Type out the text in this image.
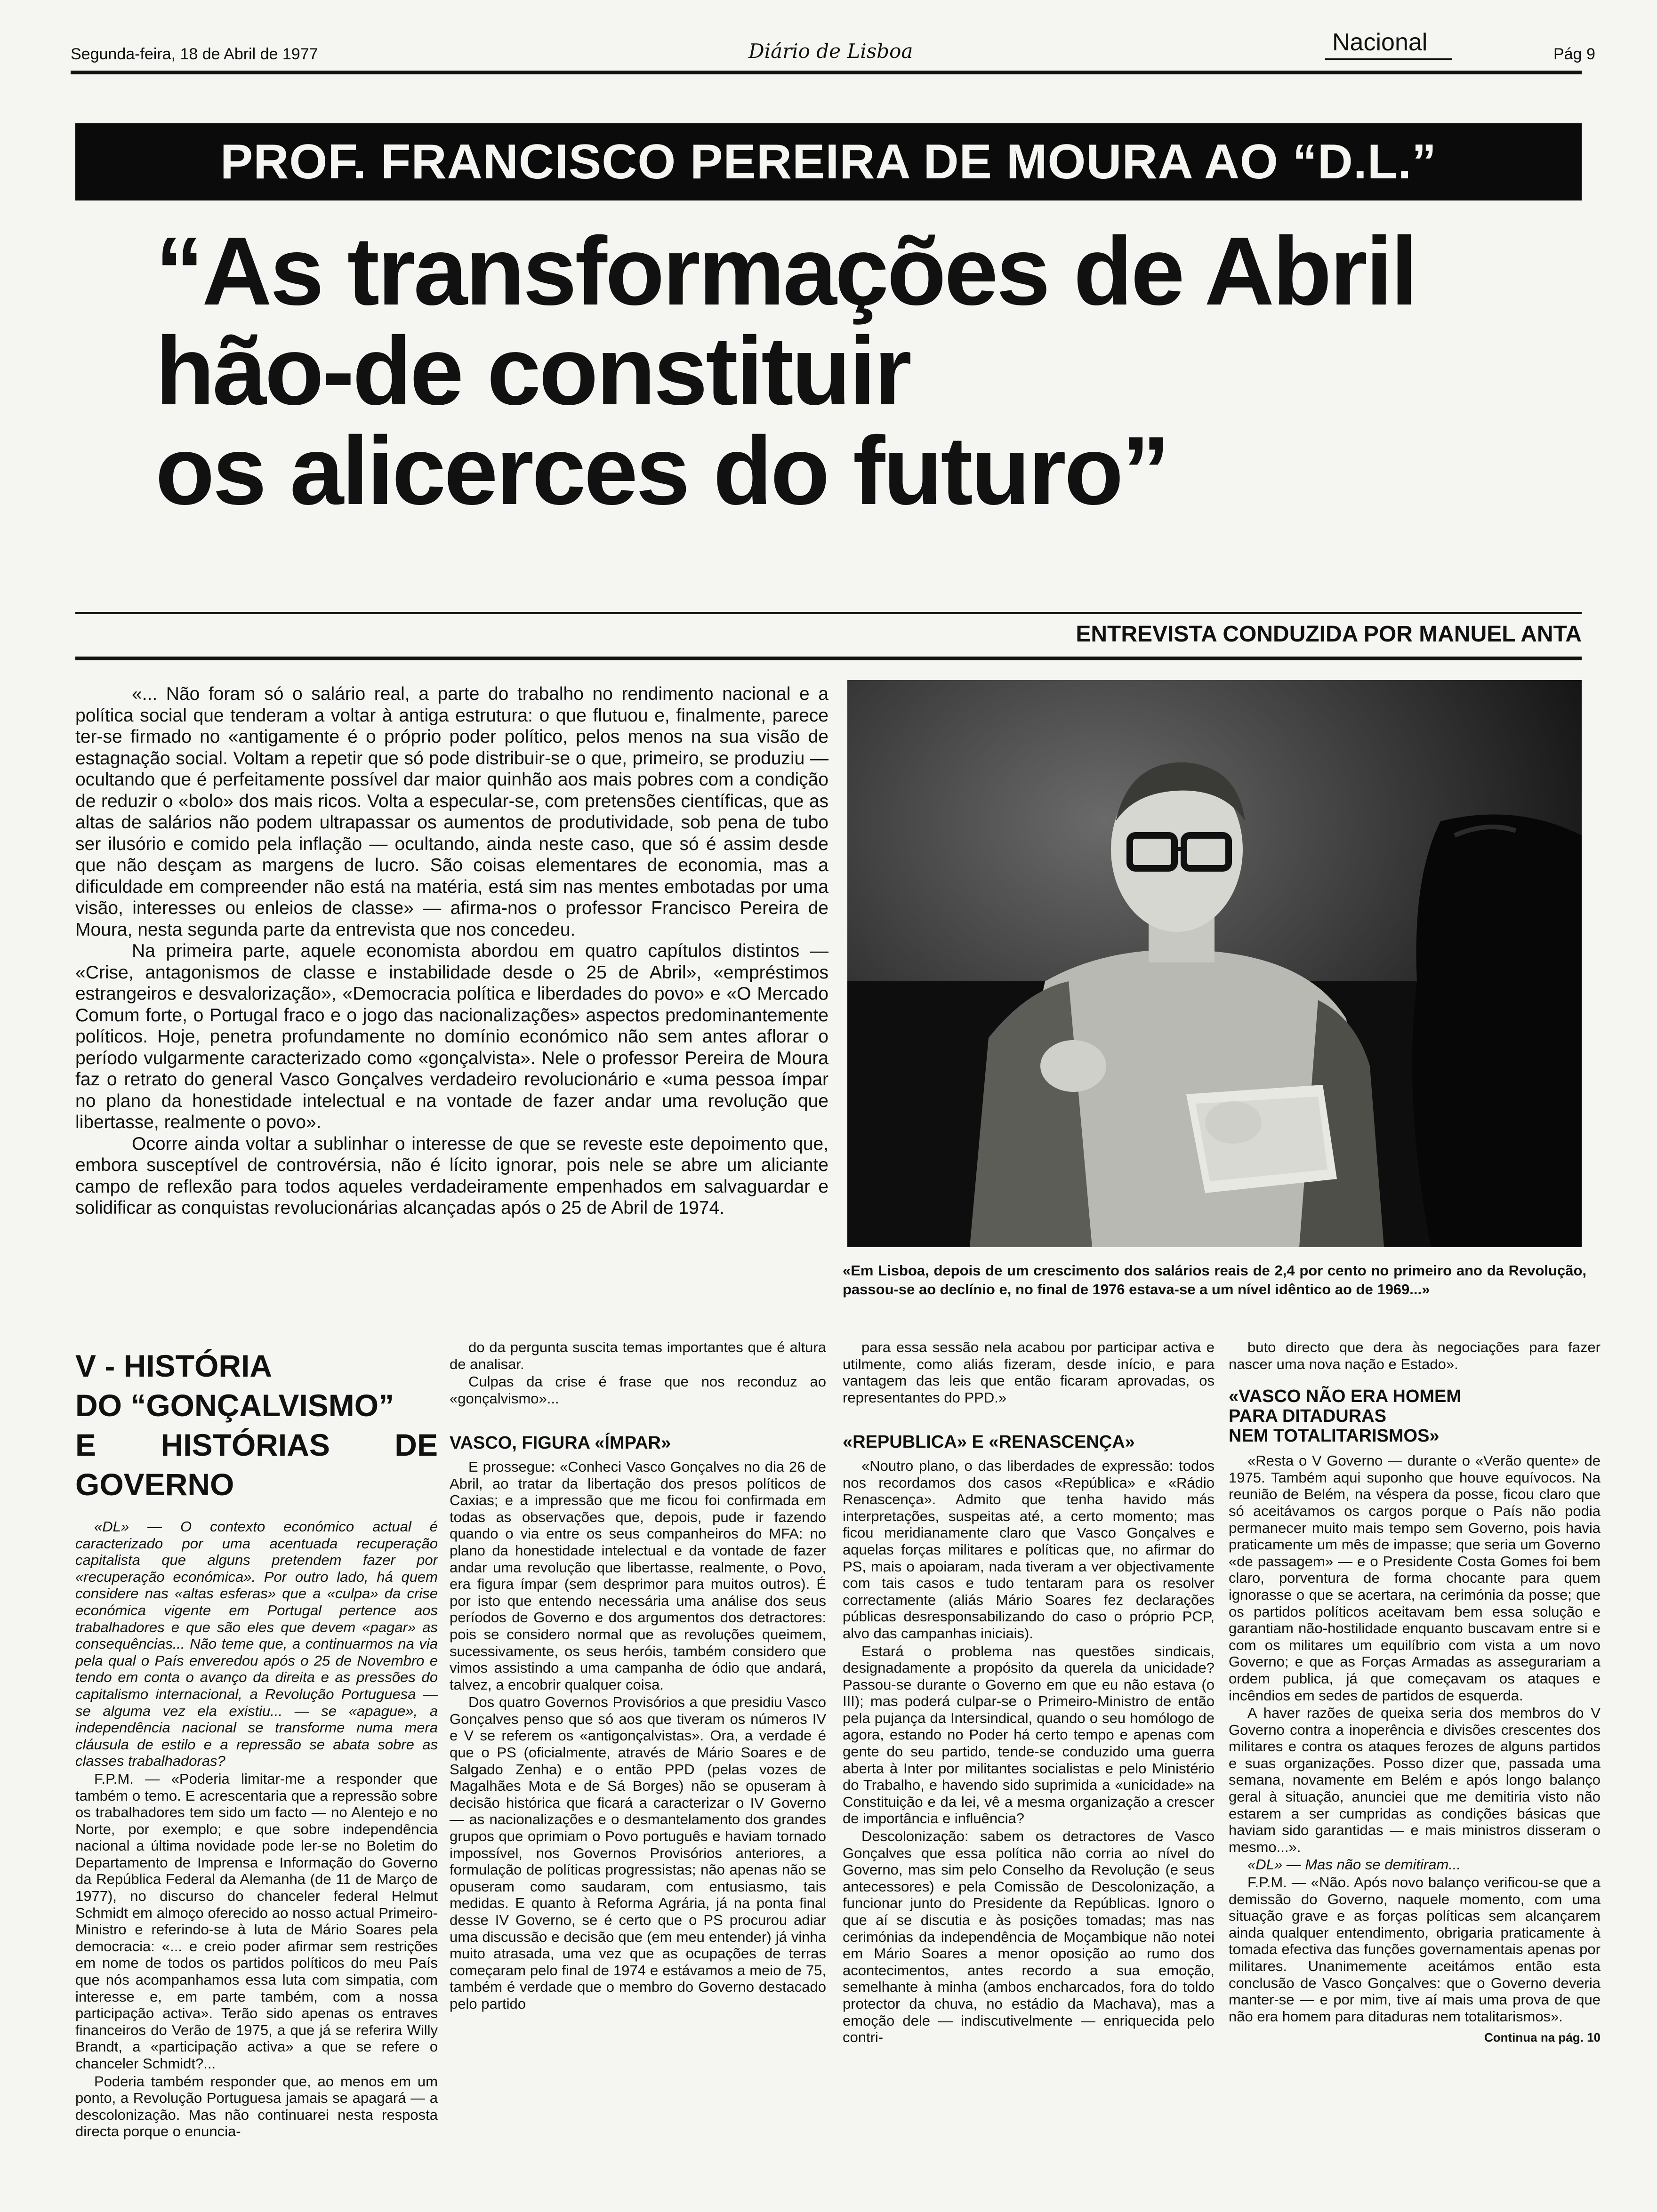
Segunda-feira, 18 de Abril de 1977	Diário de Lisboa	Nacional	Pág 9
PROF. FRANCISCO PEREIRA DE MOURA AO “D.L.”
“As transformações de Abril
hão-de constituir
os alicerces do futuro”
ENTREVISTA CONDUZIDA POR MANUEL ANTA

«... Não foram só o salário real, a parte do trabalho no rendimento nacional e a política social que tenderam a voltar à antiga estrutura: o que flutuou e, finalmente, parece ter-se firmado no «antigamente é o próprio poder político, pelos menos na sua visão de estagnação social. Voltam a repetir que só pode distribuir-se o que, primeiro, se produziu — ocultando que é perfeitamente possível dar maior quinhão aos mais pobres com a condição de reduzir o «bolo» dos mais ricos. Volta a especular-se, com pretensões científicas, que as altas de salários não podem ultrapassar os aumentos de produtividade, sob pena de tubo ser ilusório e comido pela inflação — ocultando, ainda neste caso, que só é assim desde que não desçam as margens de lucro. São coisas elementares de economia, mas a dificuldade em compreender não está na matéria, está sim nas mentes embotadas por uma visão, interesses ou enleios de classe» — afirma-nos o professor Francisco Pereira de Moura, nesta segunda parte da entrevista que nos concedeu.

Na primeira parte, aquele economista abordou em quatro capítulos distintos — «Crise, antagonismos de classe e instabilidade desde o 25 de Abril», «empréstimos estrangeiros e desvalorização», «Democracia política e liberdades do povo» e «O Mercado Comum forte, o Portugal fraco e o jogo das nacionalizações» aspectos predominantemente políticos. Hoje, penetra profundamente no domínio económico não sem antes aflorar o período vulgarmente caracterizado como «gonçalvista». Nele o professor Pereira de Moura faz o retrato do general Vasco Gonçalves verdadeiro revolucionário e «uma pessoa ímpar no plano da honestidade intelectual e na vontade de fazer andar uma revolução que libertasse, realmente o povo».

Ocorre ainda voltar a sublinhar o interesse de que se reveste este depoimento que, embora susceptível de controvérsia, não é lícito ignorar, pois nele se abre um aliciante campo de reflexão para todos aqueles verdadeiramente empenhados em salvaguardar e solidificar as conquistas revolucionárias alcançadas após o 25 de Abril de 1974.

«Em Lisboa, depois de um crescimento dos salários reais de 2,4 por cento no primeiro ano da Revolução, passou-se ao declínio e, no final de 1976 estava-se a um nível idêntico ao de 1969...»
V - HISTÓRIA
DO “GONÇALVISMO”
E HISTÓRIAS DE GOVERNO

«DL» — O contexto económico actual é caracterizado por uma acentuada recuperação capitalista que alguns pretendem fazer por «recuperação económica». Por outro lado, há quem considere nas «altas esferas» que a «culpa» da crise económica vigente em Portugal pertence aos trabalhadores e que são eles que devem «pagar» as consequências... Não teme que, a continuarmos na via pela qual o País enveredou após o 25 de Novembro e tendo em conta o avanço da direita e as pressões do capitalismo internacional, a Revolução Portuguesa — se alguma vez ela existiu... — se «apague», a independência nacional se transforme numa mera cláusula de estilo e a repressão se abata sobre as classes trabalhadoras?

F.P.M. — «Poderia limitar-me a responder que também o temo. E acrescentaria que a repressão sobre os trabalhadores tem sido um facto — no Alentejo e no Norte, por exemplo; e que sobre independência nacional a última novidade pode ler-se no Boletim do Departamento de Imprensa e Informação do Governo da República Federal da Alemanha (de 11 de Março de 1977), no discurso do chanceler federal Helmut Schmidt em almoço oferecido ao nosso actual Primeiro-Ministro e referindo-se à luta de Mário Soares pela democracia: «... e creio poder afirmar sem restrições em nome de todos os partidos políticos do meu País que nós acompanhamos essa luta com simpatia, com interesse e, em parte também, com a nossa participação activa». Terão sido apenas os entraves financeiros do Verão de 1975, a que já se referira Willy Brandt, a «participação activa» a que se refere o chanceler Schmidt?...

Poderia também responder que, ao menos em um ponto, a Revolução Portuguesa jamais se apagará — a descolonização. Mas não continuarei nesta resposta directa porque o enuncia-

do da pergunta suscita temas importantes que é altura de analisar.

Culpas da crise é frase que nos reconduz ao «gonçalvismo»...

VASCO, FIGURA «ÍMPAR»

E prossegue: «Conheci Vasco Gonçalves no dia 26 de Abril, ao tratar da libertação dos presos políticos de Caxias; e a impressão que me ficou foi confirmada em todas as observações que, depois, pude ir fazendo quando o via entre os seus companheiros do MFA: no plano da honestidade intelectual e da vontade de fazer andar uma revolução que libertasse, realmente, o Povo, era figura ímpar (sem desprimor para muitos outros). É por isto que entendo necessária uma análise dos seus períodos de Governo e dos argumentos dos detractores: pois se considero normal que as revoluções queimem, sucessivamente, os seus heróis, também considero que vimos assistindo a uma campanha de ódio que andará, talvez, a encobrir qualquer coisa.

Dos quatro Governos Provisórios a que presidiu Vasco Gonçalves penso que só aos que tiveram os números IV e V se referem os «antigonçalvistas». Ora, a verdade é que o PS (oficialmente, através de Mário Soares e de Salgado Zenha) e o então PPD (pelas vozes de Magalhães Mota e de Sá Borges) não se opuseram à decisão histórica que ficará a caracterizar o IV Governo — as nacionalizações e o desmantelamento dos grandes grupos que oprimiam o Povo português e haviam tornado impossível, nos Governos Provisórios anteriores, a formulação de políticas progressistas; não apenas não se opuseram como saudaram, com entusiasmo, tais medidas. E quanto à Reforma Agrária, já na ponta final desse IV Governo, se é certo que o PS procurou adiar uma discussão e decisão que (em meu entender) já vinha muito atrasada, uma vez que as ocupações de terras começaram pelo final de 1974 e estávamos a meio de 75, também é verdade que o membro do Governo destacado pelo partido

para essa sessão nela acabou por participar activa e utilmente, como aliás fizeram, desde início, e para vantagem das leis que então ficaram aprovadas, os representantes do PPD.»

«REPUBLICA» E «RENASCENÇA»

«Noutro plano, o das liberdades de expressão: todos nos recordamos dos casos «República» e «Rádio Renascença». Admito que tenha havido más interpretações, suspeitas até, a certo momento; mas ficou meridianamente claro que Vasco Gonçalves e aquelas forças militares e políticas que, no afirmar do PS, mais o apoiaram, nada tiveram a ver objectivamente com tais casos e tudo tentaram para os resolver correctamente (aliás Mário Soares fez declarações públicas desresponsabilizando do caso o próprio PCP, alvo das campanhas iniciais).

Estará o problema nas questões sindicais, designadamente a propósito da querela da unicidade? Passou-se durante o Governo em que eu não estava (o III); mas poderá culpar-se o Primeiro-Ministro de então pela pujança da Intersindical, quando o seu homólogo de agora, estando no Poder há certo tempo e apenas com gente do seu partido, tende-se conduzido uma guerra aberta à Inter por militantes socialistas e pelo Ministério do Trabalho, e havendo sido suprimida a «unicidade» na Constituição e da lei, vê a mesma organização a crescer de importância e influência?

Descolonização: sabem os detractores de Vasco Gonçalves que essa política não corria ao nível do Governo, mas sim pelo Conselho da Revolução (e seus antecessores) e pela Comissão de Descolonização, a funcionar junto do Presidente da Repúblicas. Ignoro o que aí se discutia e às posições tomadas; mas nas cerimónias da independência de Moçambique não notei em Mário Soares a menor oposição ao rumo dos acontecimentos, antes recordo a sua emoção, semelhante à minha (ambos encharcados, fora do toldo protector da chuva, no estádio da Machava), mas a emoção dele — indiscutivelmente — enriquecida pelo contri-

buto directo que dera às negociações para fazer nascer uma nova nação e Estado».

«VASCO NÃO ERA HOMEM
PARA DITADURAS
NEM TOTALITARISMOS»

«Resta o V Governo — durante o «Verão quente» de 1975. Também aqui suponho que houve equívocos. Na reunião de Belém, na véspera da posse, ficou claro que só aceitávamos os cargos porque o País não podia permanecer muito mais tempo sem Governo, pois havia praticamente um mês de impasse; que seria um Governo «de passagem» — e o Presidente Costa Gomes foi bem claro, porventura de forma chocante para quem ignorasse o que se acertara, na cerimónia da posse; que os partidos políticos aceitavam bem essa solução e garantiam não-hostilidade enquanto buscavam entre si e com os militares um equilíbrio com vista a um novo Governo; e que as Forças Armadas as assegurariam a ordem publica, já que começavam os ataques e incêndios em sedes de partidos de esquerda.

A haver razões de queixa seria dos membros do V Governo contra a inoperência e divisões crescentes dos militares e contra os ataques ferozes de alguns partidos e suas organizações. Posso dizer que, passada uma semana, novamente em Belém e após longo balanço geral à situação, anunciei que me demitiria visto não estarem a ser cumpridas as condições básicas que haviam sido garantidas — e mais ministros disseram o mesmo...».

«DL» — Mas não se demitiram...

F.P.M. — «Não. Após novo balanço verificou-se que a demissão do Governo, naquele momento, com uma situação grave e as forças políticas sem alcançarem ainda qualquer entendimento, obrigaria praticamente à tomada efectiva das funções governamentais apenas por militares. Unanimemente aceitámos então esta conclusão de Vasco Gonçalves: que o Governo deveria manter-se — e por mim, tive aí mais uma prova de que não era homem para ditaduras nem totalitarismos».

Continua na pág. 10
